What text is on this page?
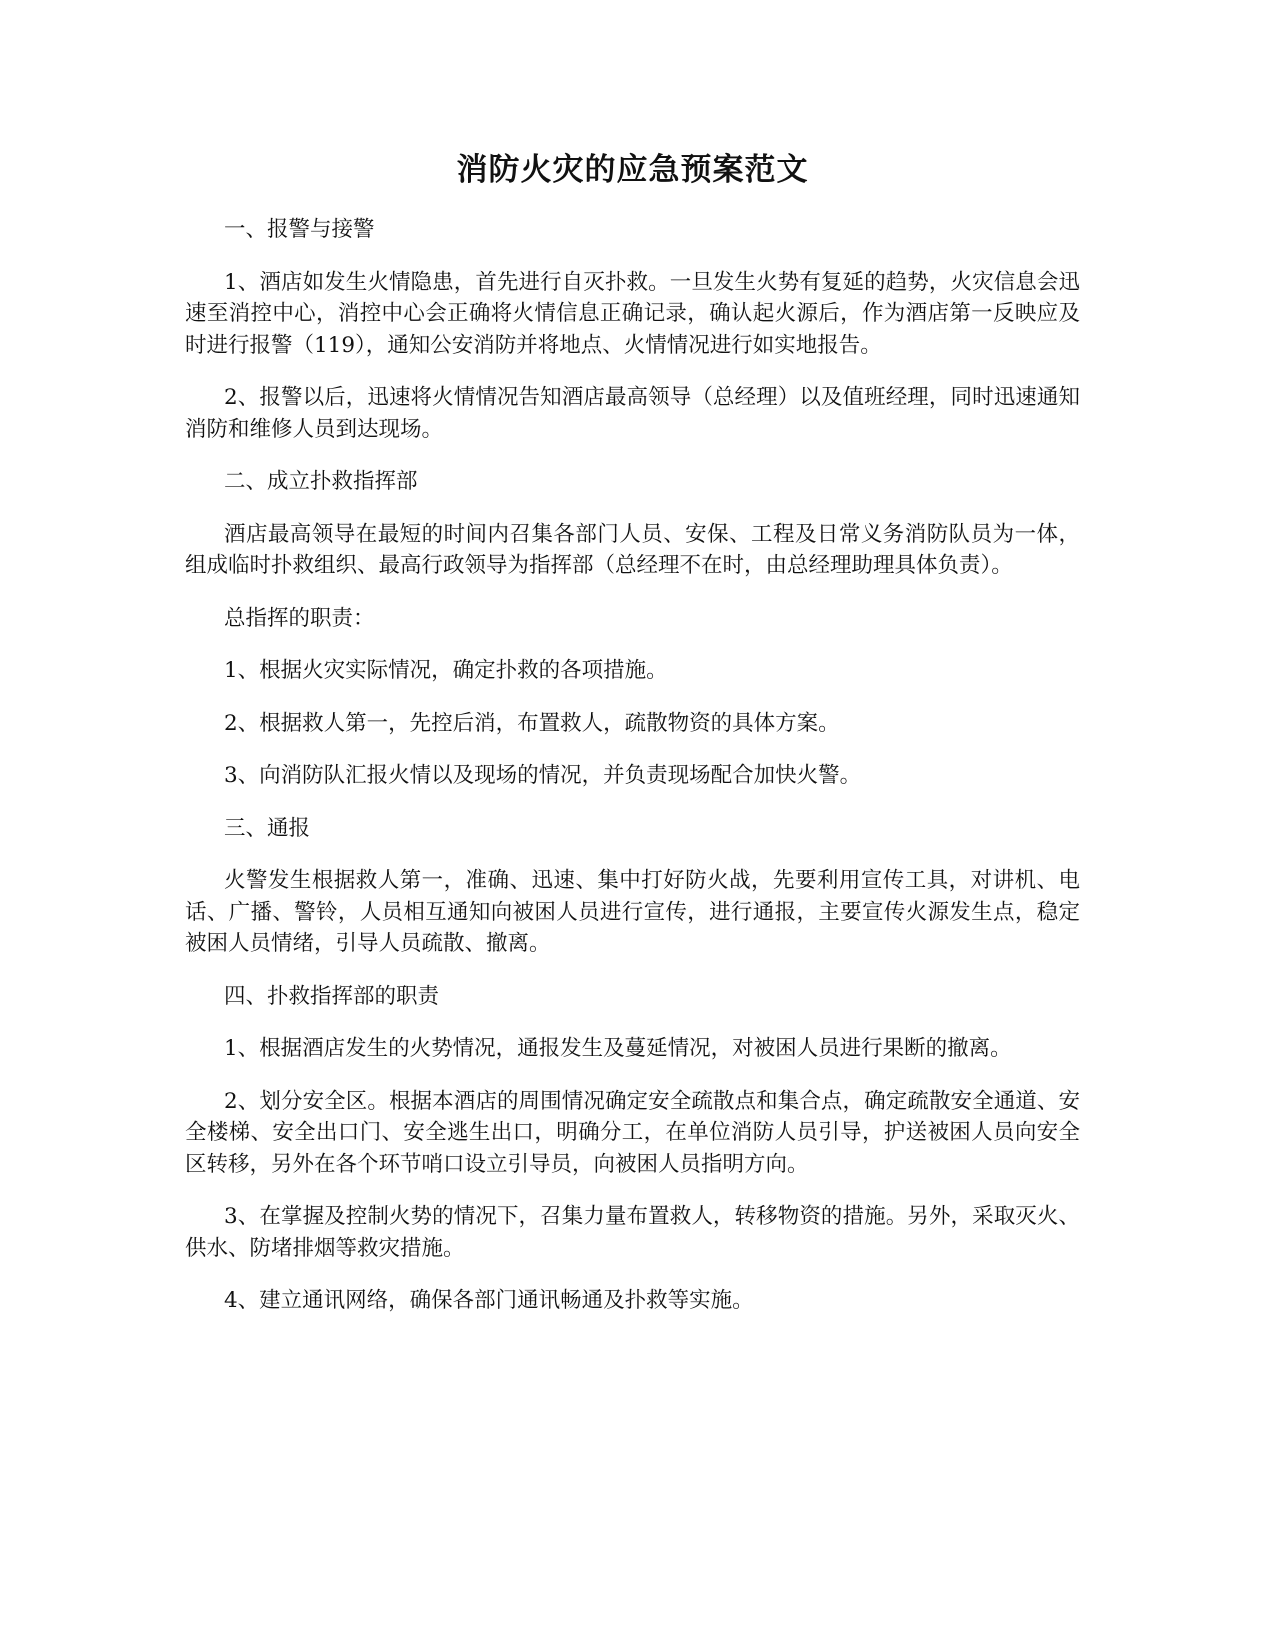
消防火灾的应急预案范文

一、报警与接警

1、酒店如发生火情隐患，首先进行自灭扑救。一旦发生火势有复延的趋势，火灾信息会迅速至消控中心，消控中心会正确将火情信息正确记录，确认起火源后，作为酒店第一反映应及时进行报警（119），通知公安消防并将地点、火情情况进行如实地报告。

2、报警以后，迅速将火情情况告知酒店最高领导（总经理）以及值班经理，同时迅速通知消防和维修人员到达现场。

二、成立扑救指挥部

酒店最高领导在最短的时间内召集各部门人员、安保、工程及日常义务消防队员为一体，组成临时扑救组织、最高行政领导为指挥部（总经理不在时，由总经理助理具体负责）。

总指挥的职责：

1、根据火灾实际情况，确定扑救的各项措施。

2、根据救人第一，先控后消，布置救人，疏散物资的具体方案。

3、向消防队汇报火情以及现场的情况，并负责现场配合加快火警。

三、通报

火警发生根据救人第一，准确、迅速、集中打好防火战，先要利用宣传工具，对讲机、电话、广播、警铃，人员相互通知向被困人员进行宣传，进行通报，主要宣传火源发生点，稳定被困人员情绪，引导人员疏散、撤离。

四、扑救指挥部的职责

1、根据酒店发生的火势情况，通报发生及蔓延情况，对被困人员进行果断的撤离。

2、划分安全区。根据本酒店的周围情况确定安全疏散点和集合点，确定疏散安全通道、安全楼梯、安全出口门、安全逃生出口，明确分工，在单位消防人员引导，护送被困人员向安全区转移，另外在各个环节哨口设立引导员，向被困人员指明方向。

3、在掌握及控制火势的情况下，召集力量布置救人，转移物资的措施。另外，采取灭火、供水、防堵排烟等救灾措施。

4、建立通讯网络，确保各部门通讯畅通及扑救等实施。
